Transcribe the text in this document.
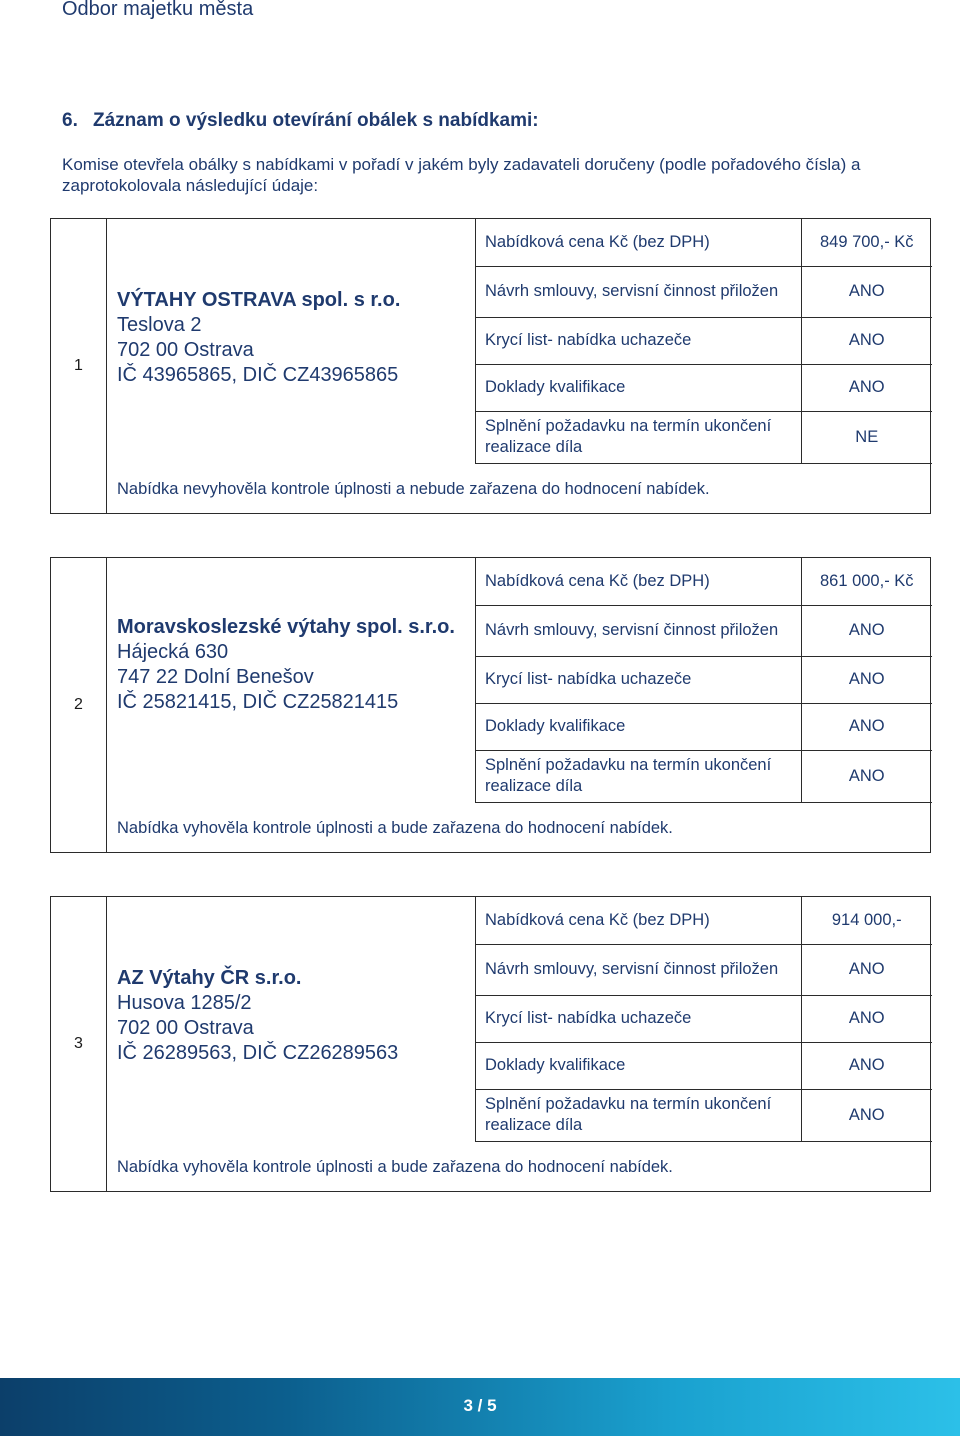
Odbor majetku města
6. Záznam o výsledku otevírání obálek s nabídkami:
Komise otevřela obálky s nabídkami v pořadí v jakém byly zadavateli doručeny (podle pořadového čísla) a zaprotokolovala následující údaje:
1
VÝTAHY OSTRAVA spol. s r.o.
Teslova 2
702 00 Ostrava
IČ 43965865, DIČ CZ43965865
Nabídková cena Kč (bez DPH)	849 700,- Kč
Návrh smlouvy, servisní činnost přiložen	ANO
Krycí list- nabídka uchazeče	ANO
Doklady kvalifikace	ANO
Splnění požadavku na termín ukončení realizace díla	NE
Nabídka nevyhověla kontrole úplnosti a nebude zařazena do hodnocení nabídek.
2
Moravskoslezské výtahy spol. s.r.o.
Hájecká 630
747 22 Dolní Benešov
IČ 25821415, DIČ CZ25821415
Nabídková cena Kč (bez DPH)	861 000,- Kč
Návrh smlouvy, servisní činnost přiložen	ANO
Krycí list- nabídka uchazeče	ANO
Doklady kvalifikace	ANO
Splnění požadavku na termín ukončení realizace díla	ANO
Nabídka vyhověla kontrole úplnosti a bude zařazena do hodnocení nabídek.
3
AZ Výtahy ČR s.r.o.
Husova 1285/2
702 00 Ostrava
IČ 26289563, DIČ CZ26289563
Nabídková cena Kč (bez DPH)	914 000,-
Návrh smlouvy, servisní činnost přiložen	ANO
Krycí list- nabídka uchazeče	ANO
Doklady kvalifikace	ANO
Splnění požadavku na termín ukončení realizace díla	ANO
Nabídka vyhověla kontrole úplnosti a bude zařazena do hodnocení nabídek.
3 / 5
